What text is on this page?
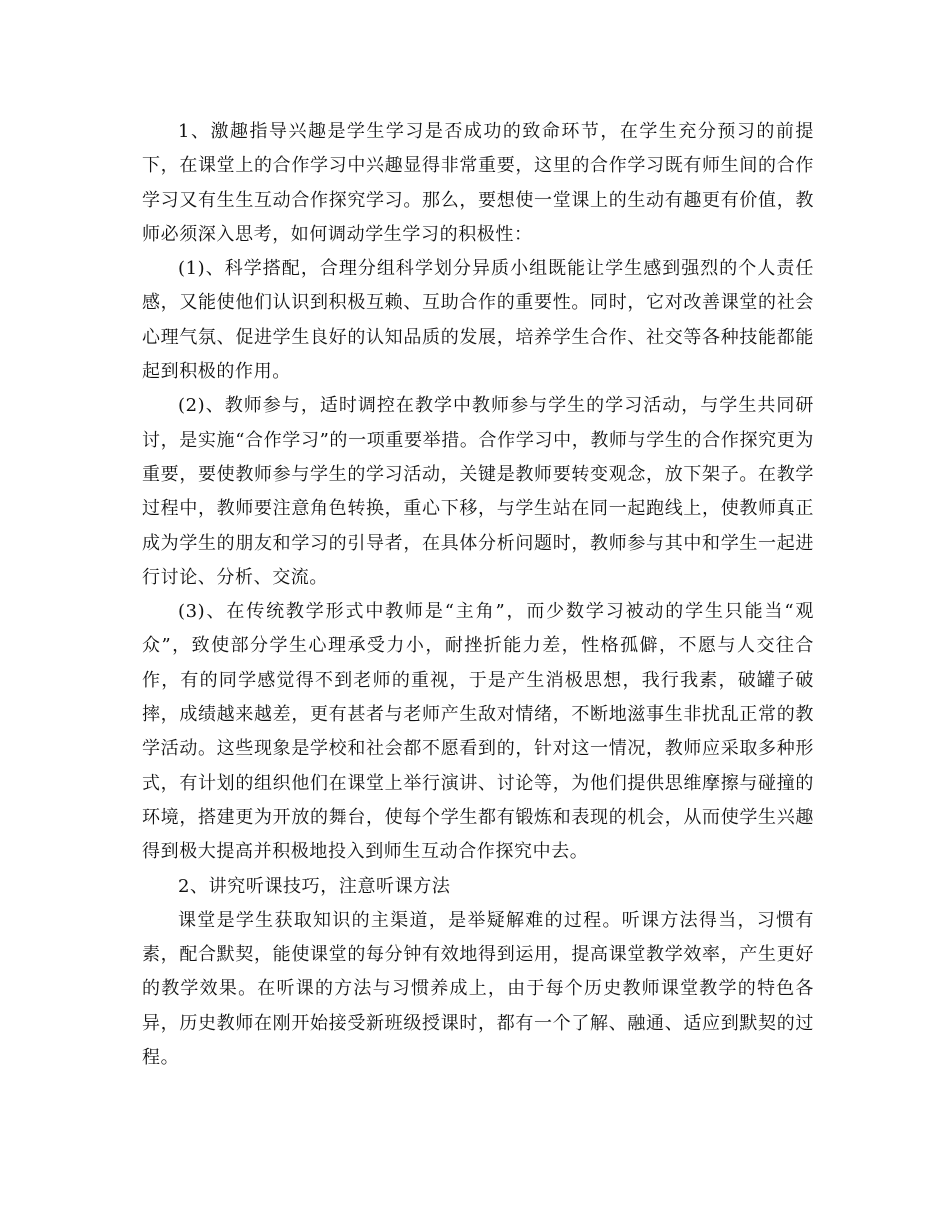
1、激趣指导兴趣是学生学习是否成功的致命环节，在学生充分预习的前提下，在课堂上的合作学习中兴趣显得非常重要，这里的合作学习既有师生间的合作学习又有生生互动合作探究学习。那么，要想使一堂课上的生动有趣更有价值，教师必须深入思考，如何调动学生学习的积极性：

(1)、科学搭配，合理分组科学划分异质小组既能让学生感到强烈的个人责任感，又能使他们认识到积极互赖、互助合作的重要性。同时，它对改善课堂的社会心理气氛、促进学生良好的认知品质的发展，培养学生合作、社交等各种技能都能起到积极的作用。

(2)、教师参与，适时调控在教学中教师参与学生的学习活动，与学生共同研讨，是实施“合作学习”的一项重要举措。合作学习中，教师与学生的合作探究更为重要，要使教师参与学生的学习活动，关键是教师要转变观念，放下架子。在教学过程中，教师要注意角色转换，重心下移，与学生站在同一起跑线上，使教师真正成为学生的朋友和学习的引导者，在具体分析问题时，教师参与其中和学生一起进行讨论、分析、交流。

(3)、在传统教学形式中教师是“主角”，而少数学习被动的学生只能当“观众”，致使部分学生心理承受力小，耐挫折能力差，性格孤僻，不愿与人交往合作，有的同学感觉得不到老师的重视，于是产生消极思想，我行我素，破罐子破摔，成绩越来越差，更有甚者与老师产生敌对情绪，不断地滋事生非扰乱正常的教学活动。这些现象是学校和社会都不愿看到的，针对这一情况，教师应采取多种形式，有计划的组织他们在课堂上举行演讲、讨论等，为他们提供思维摩擦与碰撞的环境，搭建更为开放的舞台，使每个学生都有锻炼和表现的机会，从而使学生兴趣得到极大提高并积极地投入到师生互动合作探究中去。

2、讲究听课技巧，注意听课方法

课堂是学生获取知识的主渠道，是举疑解难的过程。听课方法得当，习惯有素，配合默契，能使课堂的每分钟有效地得到运用，提高课堂教学效率，产生更好的教学效果。在听课的方法与习惯养成上，由于每个历史教师课堂教学的特色各异，历史教师在刚开始接受新班级授课时，都有一个了解、融通、适应到默契的过程。
